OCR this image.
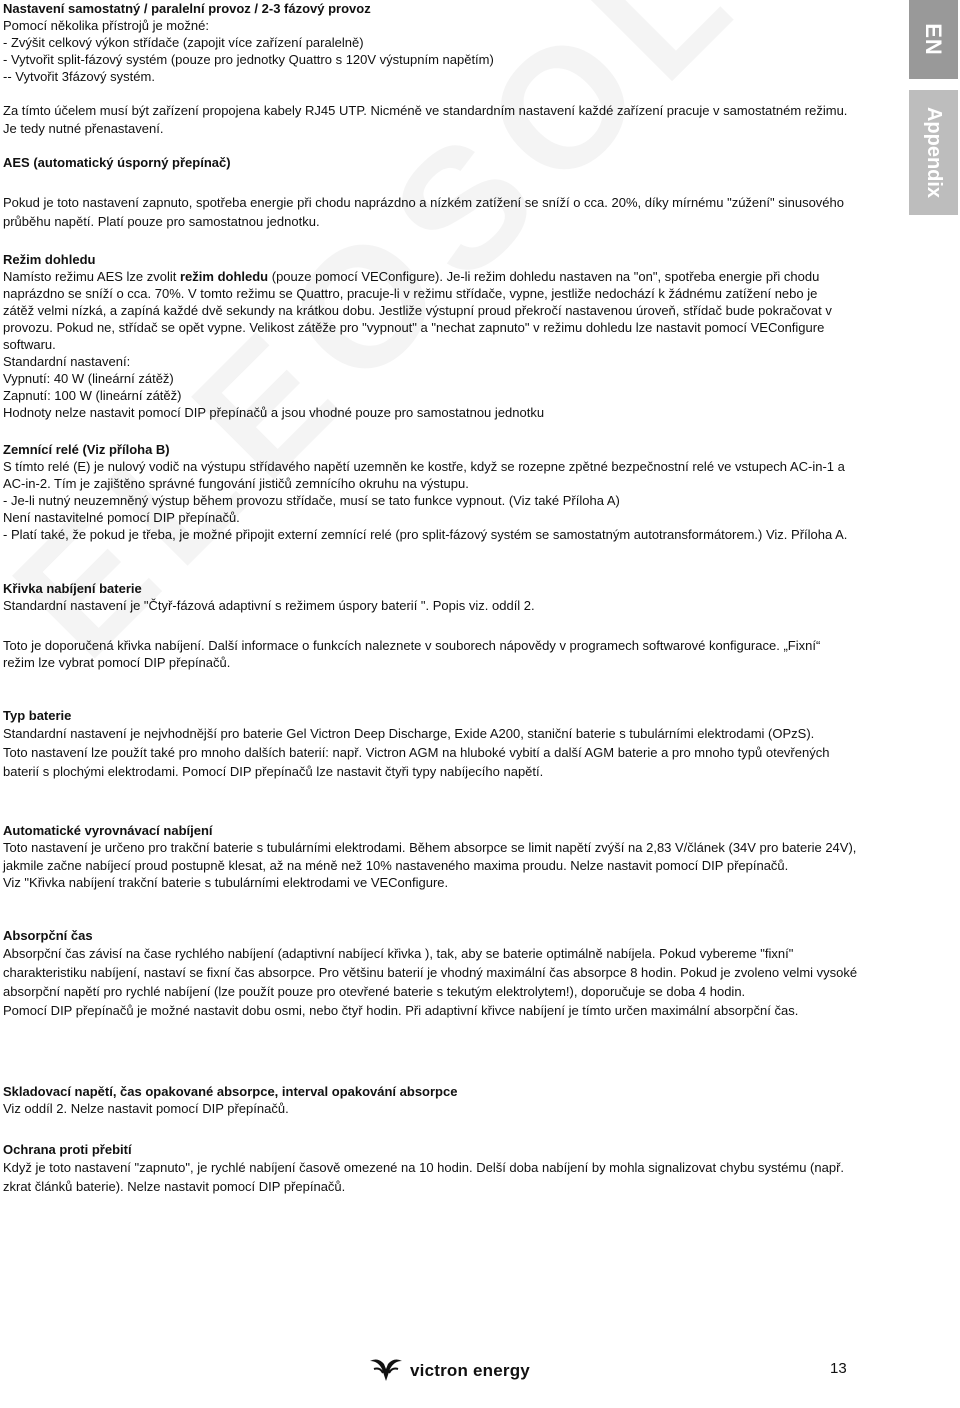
EN
Appendix

Nastavení samostatný / paralelní provoz / 2-3 fázový provoz

Pomocí několika přístrojů je možné:

- Zvýšit celkový výkon střídače (zapojit více zařízení paralelně)

- Vytvořit split-fázový systém (pouze pro jednotky Quattro s 120V výstupním napětím)

-- Vytvořit 3fázový systém.

Za tímto účelem musí být zařízení propojena kabely RJ45 UTP. Nicméně ve standardním nastavení každé zařízení pracuje v samostatném režimu. Je tedy nutné přenastavení.

AES (automatický úsporný přepínač)

Pokud je toto nastavení zapnuto, spotřeba energie při chodu naprázdno a nízkém zatížení se sníží o cca. 20%, díky mírnému "zúžení" sinusového průběhu napětí. Platí pouze pro samostatnou jednotku.

Režim dohledu

Namísto režimu AES lze zvolit režim dohledu (pouze pomocí VEConfigure). Je-li režim dohledu nastaven na "on", spotřeba energie při chodu naprázdno se sníží o cca. 70%. V tomto režimu se Quattro, pracuje-li v režimu střídače, vypne, jestliže nedochází k žádnému zatížení nebo je zátěž velmi nízká, a zapíná každé dvě sekundy na krátkou dobu. Jestliže výstupní proud překročí nastavenou úroveň, střídač bude pokračovat v provozu. Pokud ne, střídač se opět vypne. Velikost zátěže pro "vypnout" a "nechat zapnuto" v režimu dohledu lze nastavit pomocí VEConfigure softwaru.

Standardní nastavení:

Vypnutí: 40 W (lineární zátěž)

Zapnutí: 100 W (lineární zátěž)

Hodnoty nelze nastavit pomocí DIP přepínačů a jsou vhodné pouze pro samostatnou jednotku

Zemnící relé (Viz příloha B)

S tímto relé (E) je nulový vodič na výstupu střídavého napětí uzemněn ke kostře, když se rozepne zpětné bezpečnostní relé ve vstupech AC-in-1 a AC-in-2. Tím je zajištěno správné fungování jističů zemnícího okruhu na výstupu.

- Je-li nutný neuzemněný výstup během provozu střídače, musí se tato funkce vypnout. (Viz také Příloha A)

Není nastavitelné pomocí DIP přepínačů.

- Platí také, že pokud je třeba, je možné připojit externí zemnící relé (pro split-fázový systém se samostatným autotransformátorem.) Viz. Příloha A.

Křivka nabíjení baterie

Standardní nastavení je "Čtyř-fázová adaptivní s režimem úspory baterií ". Popis viz. oddíl 2.

Toto je doporučená křivka nabíjení. Další informace o funkcích naleznete v souborech nápovědy v programech softwarové konfigurace. „Fixní“ režim lze vybrat pomocí DIP přepínačů.

Typ baterie

Standardní nastavení je nejvhodnější pro baterie Gel Victron Deep Discharge, Exide A200, staniční baterie s tubulárními elektrodami (OPzS). Toto nastavení lze použít také pro mnoho dalších baterií: např. Victron AGM na hluboké vybití a další AGM baterie a pro mnoho typů otevřených baterií s plochými elektrodami. Pomocí DIP přepínačů lze nastavit čtyři typy nabíjecího napětí.

Automatické vyrovnávací nabíjení

Toto nastavení je určeno pro trakční baterie s tubulárními elektrodami. Během absorpce se limit napětí zvýší na 2,83 V/článek (34V pro baterie 24V), jakmile začne nabíjecí proud postupně klesat, až na méně než 10% nastaveného maxima proudu. Nelze nastavit pomocí DIP přepínačů.

Viz "Křivka nabíjení trakční baterie s tubulárními elektrodami ve VEConfigure.

Absorpční čas

Absorpční čas závisí na čase rychlého nabíjení (adaptivní nabíjecí křivka ), tak, aby se baterie optimálně nabíjela. Pokud vybereme "fixní" charakteristiku nabíjení, nastaví se fixní čas absorpce. Pro většinu baterií je vhodný maximální čas absorpce 8 hodin. Pokud je zvoleno velmi vysoké absorpční napětí pro rychlé nabíjení (lze použít pouze pro otevřené baterie s tekutým elektrolytem!), doporučuje se doba 4 hodin.

Pomocí DIP přepínačů je možné nastavit dobu osmi, nebo čtyř hodin. Při adaptivní křivce nabíjení je tímto určen maximální absorpční čas.

Skladovací napětí, čas opakované absorpce, interval opakování absorpce

Viz oddíl 2. Nelze nastavit pomocí DIP přepínačů.

Ochrana proti přebití

Když je toto nastavení "zapnuto", je rychlé nabíjení časově omezené na 10 hodin. Delší doba nabíjení by mohla signalizovat chybu systému (např. zkrat článků baterie). Nelze nastavit pomocí DIP přepínačů.

victron energy	13
